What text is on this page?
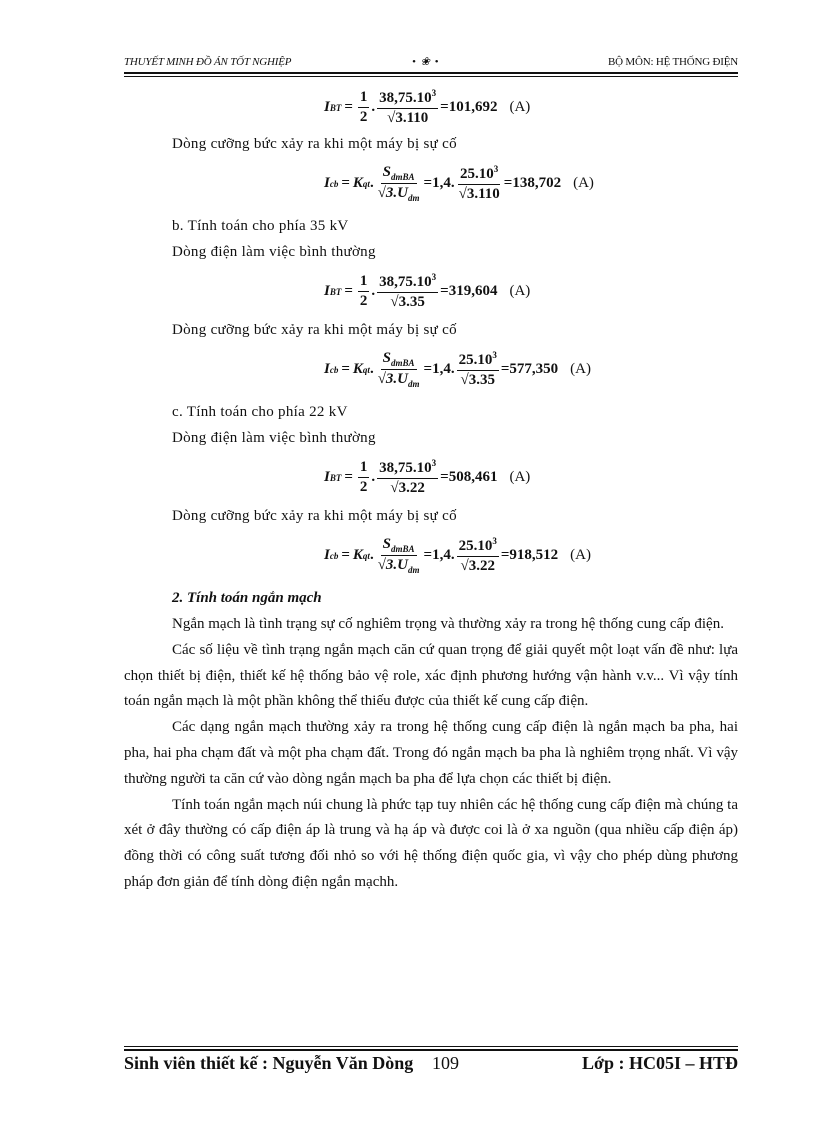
THUYẾT MINH ĐỒ ÁN TỐT NGHIỆP	• ❀ •	BỘ MÔN: HỆ THỐNG ĐIỆN
I BT = $\frac{1}{2}$ . 38,75.10$^3$
√ 3.110 =101,692 (A)
Dòng cưỡng bức xảy ra khi một máy bị sự cố
I cb = K qt . $S_{dmBA}$
√ $3.U_{dm} =1,4$. 25.10$^3$
√ 3.110 =138,702 (A)
b. Tính toán cho phía 35 kV
Dòng điện làm việc bình thường
I BT = $\frac{1}{2}$ . 38,75.10$^3$
√ 3.35 =319,604 (A)
Dòng cưỡng bức xảy ra khi một máy bị sự cố
I cb = K qt . $S_{dmBA}$
√ $3.U_{dm} =1,4$. 25.10$^3$
√ 3.35 =577,350 (A)
c. Tính toán cho phía 22 kV
Dòng điện làm việc bình thường
I BT = $\frac{1}{2}$ . 38,75.10$^3$
√ 3.22 =508,461 (A)
Dòng cưỡng bức xảy ra khi một máy bị sự cố
I cb = K qt . $S_{dmBA}$
√ $3.U_{dm} =1,4$. 25.10$^3$
√ 3.22 =918,512 (A)
2. Tính toán ngắn mạch

Ngắn mạch là tình trạng sự cố nghiêm trọng và thường xảy ra trong hệ thống cung cấp điện.

Các số liệu về tình trạng ngắn mạch căn cứ quan trọng để giải quyết một loạt vấn đề như: lựa chọn thiết bị điện, thiết kế hệ thống bảo vệ role, xác định phương hướng vận hành v.v... Vì vậy tính toán ngắn mạch là một phần không thể thiếu được của thiết kế cung cấp điện.

Các dạng ngắn mạch thường xảy ra trong hệ thống cung cấp điện là ngắn mạch ba pha, hai pha, hai pha chạm đất và một pha chạm đất. Trong đó ngắn mạch ba pha là nghiêm trọng nhất. Vì vậy thường người ta căn cứ vào dòng ngắn mạch ba pha để lựa chọn các thiết bị điện.

Tính toán ngắn mạch núi chung là phức tạp tuy nhiên các hệ thống cung cấp điện mà chúng ta xét ở đây thường có cấp điện áp là trung và hạ áp và được coi là ở xa nguồn (qua nhiều cấp điện áp) đồng thời có công suất tương đối nhỏ so với hệ thống điện quốc gia, vì vậy cho phép dùng phương pháp đơn giản để tính dòng điện ngắn mạchh.

Sinh viên thiết kế : Nguyễn Văn Dòng 109	Lớp : HC05I – HTĐ
